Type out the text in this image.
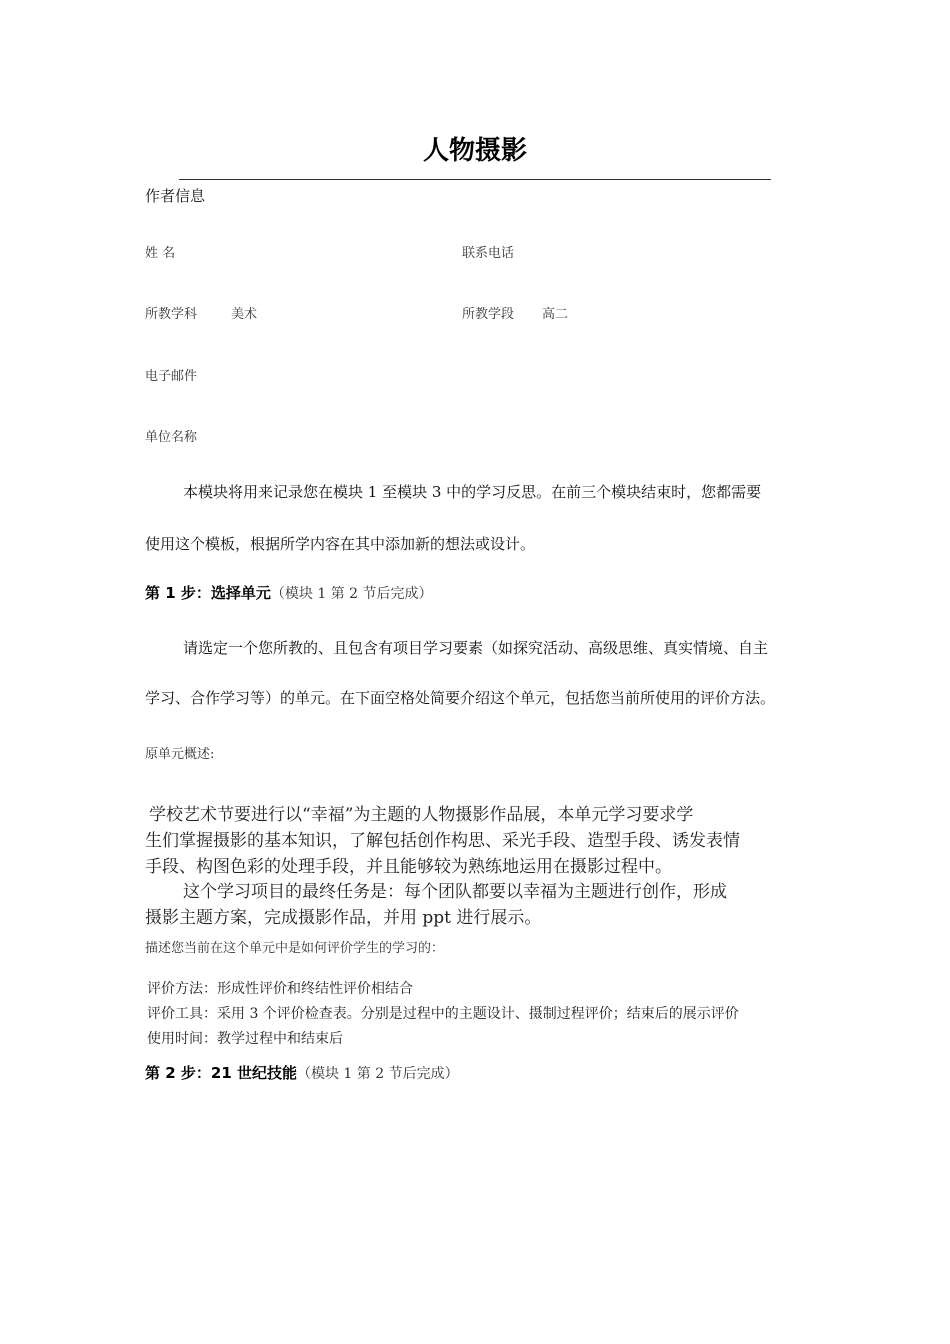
人物摄影
作者信息
姓 名	联系电话
所教学科	美术	所教学段 高二
电子邮件
单位名称
本模块将用来记录您在模块 1 至模块 3 中的学习反思。在前三个模块结束时，您都需要
使用这个模板，根据所学内容在其中添加新的想法或设计。
第 1 步：选择单元（模块 1 第 2 节后完成）
请选定一个您所教的、且包含有项目学习要素（如探究活动、高级思维、真实情境、自主
学习、合作学习等）的单元。在下面空格处简要介绍这个单元，包括您当前所使用的评价方法。
原单元概述:
学校艺术节要进行以“幸福”为主题的人物摄影作品展，本单元学习要求学
生们掌握摄影的基本知识，了解包括创作构思、采光手段、造型手段、诱发表情
手段、构图色彩的处理手段，并且能够较为熟练地运用在摄影过程中。
这个学习项目的最终任务是：每个团队都要以幸福为主题进行创作，形成
摄影主题方案，完成摄影作品，并用 ppt 进行展示。
描述您当前在这个单元中是如何评价学生的学习的：
评价方法：形成性评价和终结性评价相结合
评价工具：采用 3 个评价检查表。分别是过程中的主题设计、摄制过程评价；结束后的展示评价
使用时间：教学过程中和结束后
第 2 步：21 世纪技能（模块 1 第 2 节后完成）
